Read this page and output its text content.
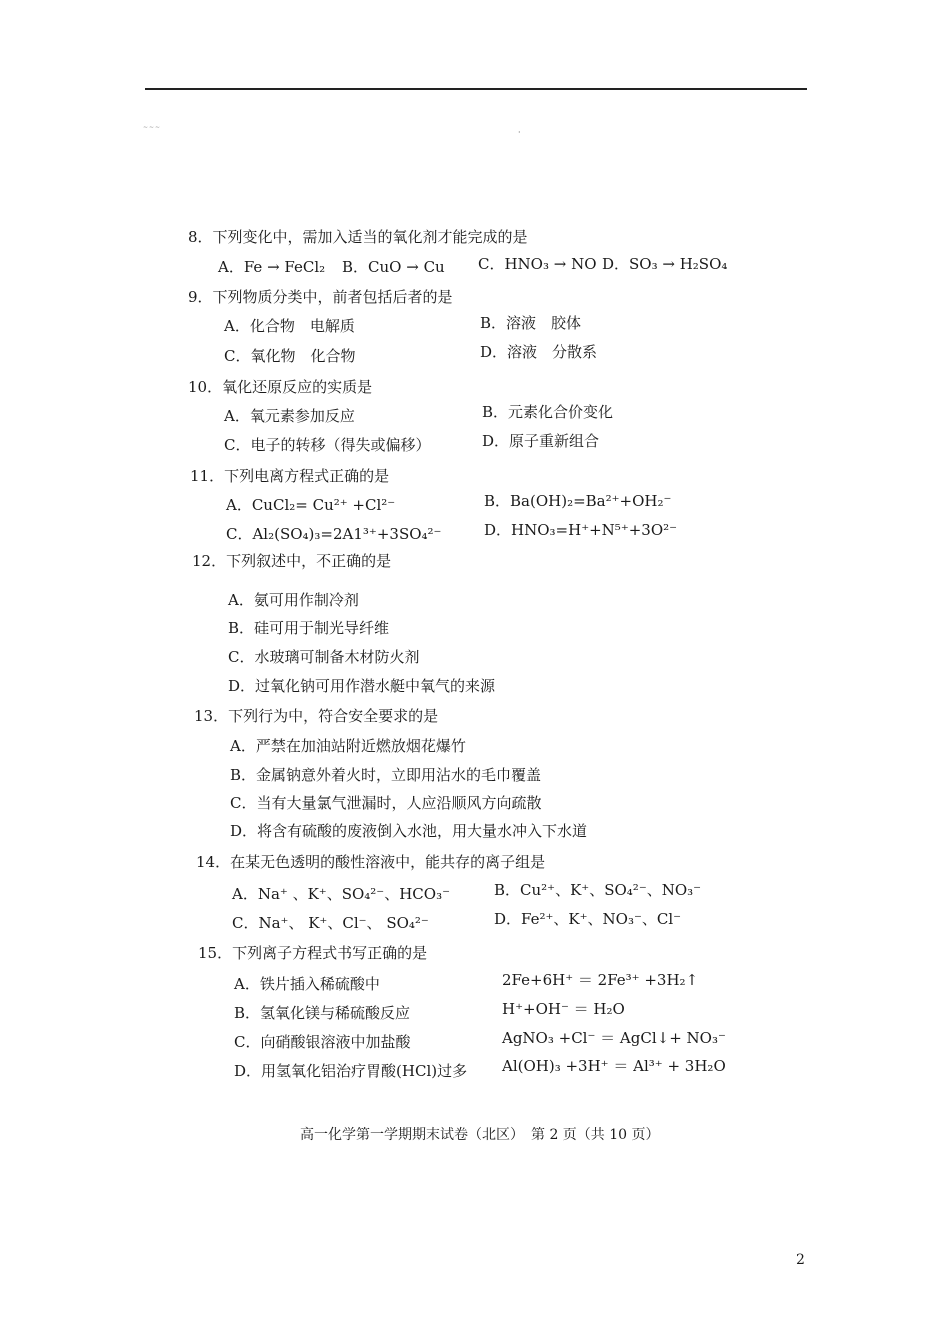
~~~
·
8．下列变化中，需加入适当的氧化剂才能完成的是
A．Fe → FeCl₂ B．CuO → Cu C．HNO₃ → NO D．SO₃ → H₂SO₄
9．下列物质分类中，前者包括后者的是
A．化合物　电解质	B．溶液　胶体
C．氧化物　化合物	D．溶液　分散系
10．氧化还原反应的实质是
A．氧元素参加反应	B．元素化合价变化
C．电子的转移（得失或偏移）	D．原子重新组合
11．下列电离方程式正确的是
A．CuCl₂= Cu²⁺ +Cl²⁻	B．Ba(OH)₂=Ba²⁺+OH₂⁻
C．Al₂(SO₄)₃=2A1³⁺+3SO₄²⁻	D．HNO₃=H⁺+N⁵⁺+3O²⁻
12．下列叙述中，不正确的是
A．氨可用作制冷剂
B．硅可用于制光导纤维
C．水玻璃可制备木材防火剂
D．过氧化钠可用作潜水艇中氧气的来源
13．下列行为中，符合安全要求的是
A．严禁在加油站附近燃放烟花爆竹
B．金属钠意外着火时，立即用沾水的毛巾覆盖
C．当有大量氯气泄漏时，人应沿顺风方向疏散
D．将含有硫酸的废液倒入水池，用大量水冲入下水道
14．在某无色透明的酸性溶液中，能共存的离子组是
A．Na⁺ 、K⁺、SO₄²⁻、HCO₃⁻	B．Cu²⁺、K⁺、SO₄²⁻、NO₃⁻
C．Na⁺、 K⁺、Cl⁻、 SO₄²⁻	D．Fe²⁺、K⁺、NO₃⁻、Cl⁻
15．下列离子方程式书写正确的是
A．铁片插入稀硫酸中	2Fe+6H⁺ ＝ 2Fe³⁺ +3H₂↑
B．氢氧化镁与稀硫酸反应	H⁺+OH⁻ ＝ H₂O
C．向硝酸银溶液中加盐酸	AgNO₃ +Cl⁻ ＝ AgCl↓+ NO₃⁻
D．用氢氧化铝治疗胃酸(HCl)过多 Al(OH)₃ +3H⁺ ＝ Al³⁺ + 3H₂O
高一化学第一学期期末试卷（北区）　第 2 页（共 10 页）
2
